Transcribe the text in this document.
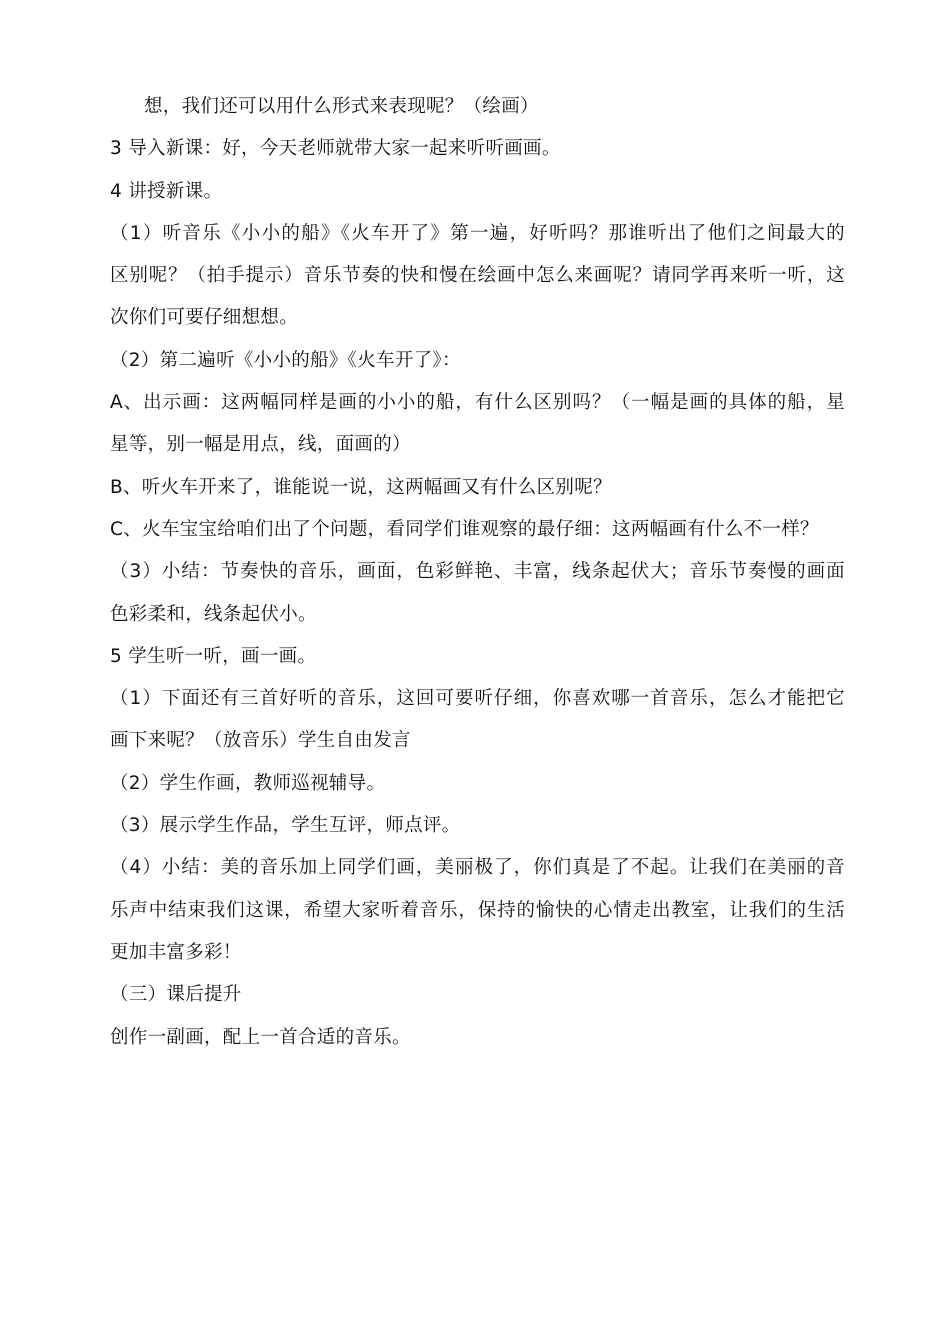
想，我们还可以用什么形式来表现呢？（绘画）
3 导入新课：好，今天老师就带大家一起来听听画画。
4 讲授新课。
（1）听音乐《小小的船》《火车开了》第一遍，好听吗？那谁听出了他们之间最大的
区别呢？（拍手提示）音乐节奏的快和慢在绘画中怎么来画呢？请同学再来听一听，这
次你们可要仔细想想。
（2）第二遍听《小小的船》《火车开了》：
A、出示画：这两幅同样是画的小小的船，有什么区别吗？（一幅是画的具体的船，星
星等，别一幅是用点，线，面画的）
B、听火车开来了，谁能说一说，这两幅画又有什么区别呢？
C、火车宝宝给咱们出了个问题，看同学们谁观察的最仔细：这两幅画有什么不一样？
（3）小结：节奏快的音乐，画面，色彩鲜艳、丰富，线条起伏大；音乐节奏慢的画面
色彩柔和，线条起伏小。
5 学生听一听，画一画。
（1）下面还有三首好听的音乐，这回可要听仔细，你喜欢哪一首音乐，怎么才能把它
画下来呢？（放音乐）学生自由发言
（2）学生作画，教师巡视辅导。
（3）展示学生作品，学生互评，师点评。
（4）小结：美的音乐加上同学们画，美丽极了，你们真是了不起。让我们在美丽的音
乐声中结束我们这课，希望大家听着音乐，保持的愉快的心情走出教室，让我们的生活
更加丰富多彩！
（三）课后提升
创作一副画，配上一首合适的音乐。
